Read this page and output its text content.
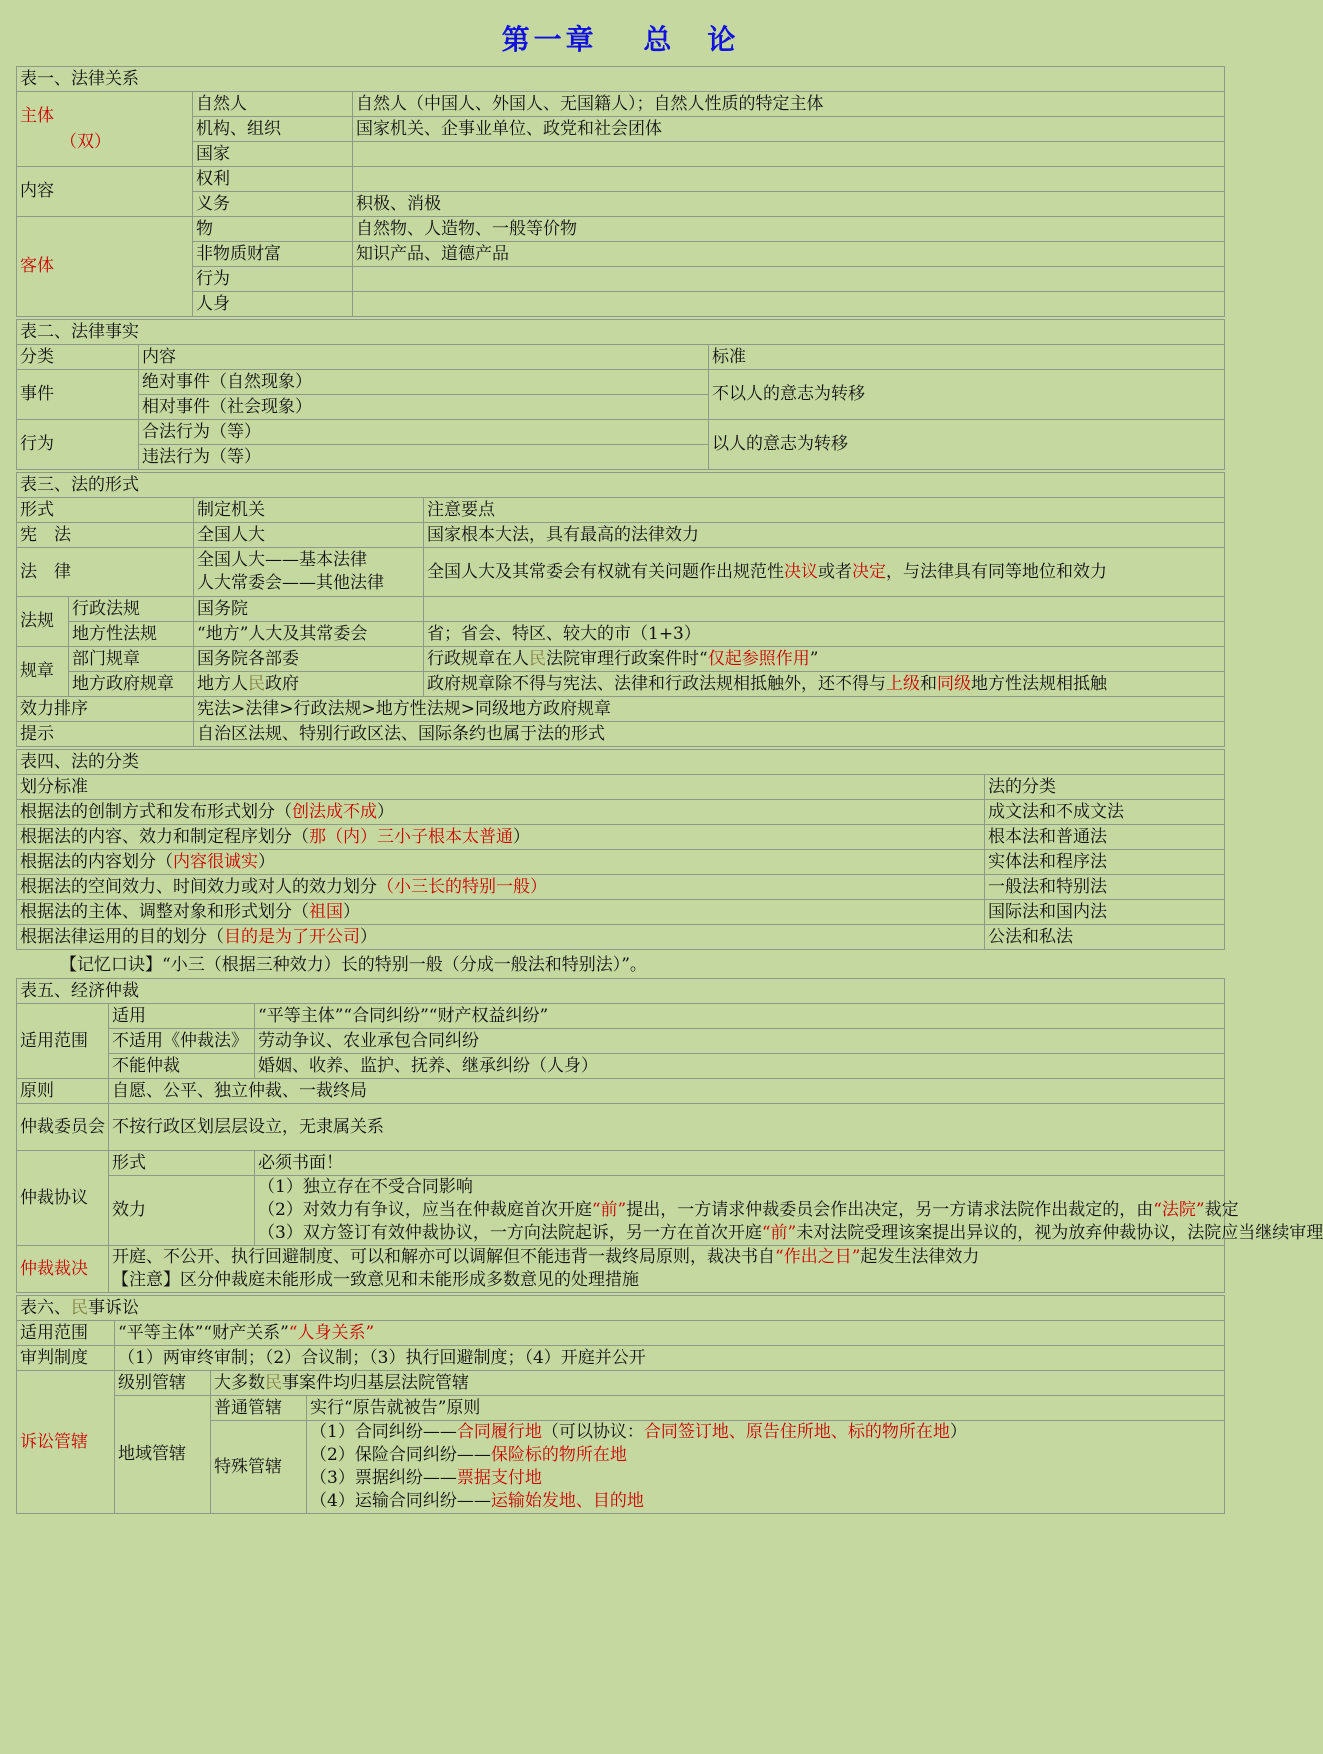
第一章　 总　论
表一、法律关系		

主体
（双）	自然人	自然人（中国人、外国人、无国籍人）；自然人性质的特定主体
	机构、组织	国家机关、企事业单位、政党和社会团体
	国家	
内容	权利	
	义务	积极、消极
客体	物	自然物、人造物、一般等价物
	非物质财富	知识产品、道德产品
	行为	
	人身	
表二、法律事实		
分类	内容	标准
事件	绝对事件（自然现象）	不以人的意志为转移
	相对事件（社会现象）	
行为	合法行为（等）	以人的意志为转移
	违法行为（等）	
表三、法的形式			
形式		制定机关	注意要点
宪　法		全国人大	国家根本大法，具有最高的法律效力
法　律		全国人大——基本法律
人大常委会——其他法律	全国人大及其常委会有权就有关问题作出规范性决议或者决定，与法律具有同等地位和效力
法规	行政法规	国务院	
	地方性法规	“地方”人大及其常委会	省；省会、特区、较大的市（1+3）
规章	部门规章	国务院各部委	行政规章在人民法院审理行政案件时“仅起参照作用”
	地方政府规章	地方人民政府	政府规章除不得与宪法、法律和行政法规相抵触外，还不得与上级和同级地方性法规相抵触
效力排序		宪法>法律>行政法规>地方性法规>同级地方政府规章	
提示		自治区法规、特别行政区法、国际条约也属于法的形式	
表四、法的分类	
划分标准	法的分类
根据法的创制方式和发布形式划分（创法成不成）	成文法和不成文法
根据法的内容、效力和制定程序划分（那（内）三小子根本太普通）	根本法和普通法
根据法的内容划分（内容很诚实）	实体法和程序法
根据法的空间效力、时间效力或对人的效力划分（小三长的特别一般）	一般法和特别法
根据法的主体、调整对象和形式划分（祖国）	国际法和国内法
根据法律运用的目的划分（目的是为了开公司）	公法和私法
【记忆口诀】“小三（根据三种效力）长的特别一般（分成一般法和特别法）”。
表五、经济仲裁		
适用范围	适用	“平等主体”“合同纠纷”“财产权益纠纷”
	不适用《仲裁法》	劳动争议、农业承包合同纠纷
	不能仲裁	婚姻、收养、监护、抚养、继承纠纷（人身）
原则	自愿、公平、独立仲裁、一裁终局	
仲裁委员会	不按行政区划层层设立，无隶属关系	
仲裁协议	形式	必须书面！
	效力	（1）独立存在不受合同影响
（2）对效力有争议，应当在仲裁庭首次开庭“前”提出，一方请求仲裁委员会作出决定，另一方请求法院作出裁定的，由“法院”裁定
（3）双方签订有效仲裁协议，一方向法院起诉，另一方在首次开庭“前”未对法院受理该案提出异议的，视为放弃仲裁协议，法院应当继续审理

仲裁裁决	开庭、不公开、执行回避制度、可以和解亦可以调解但不能违背一裁终局原则，裁决书自“作出之日”起发生法律效力
【注意】区分仲裁庭未能形成一致意见和未能形成多数意见的处理措施	
表六、民事诉讼			
适用范围	“平等主体”“财产关系”“人身关系”		
审判制度	（1）两审终审制；（2）合议制；（3）执行回避制度；（4）开庭并公开		
诉讼管辖	级别管辖	大多数民事案件均归基层法院管辖	
	地域管辖	普通管辖	实行“原告就被告”原则
		特殊管辖	（1）合同纠纷——合同履行地（可以协议：合同签订地、原告住所地、标的物所在地）
（2）保险合同纠纷——保险标的物所在地
（3）票据纠纷——票据支付地
（4）运输合同纠纷——运输始发地、目的地
